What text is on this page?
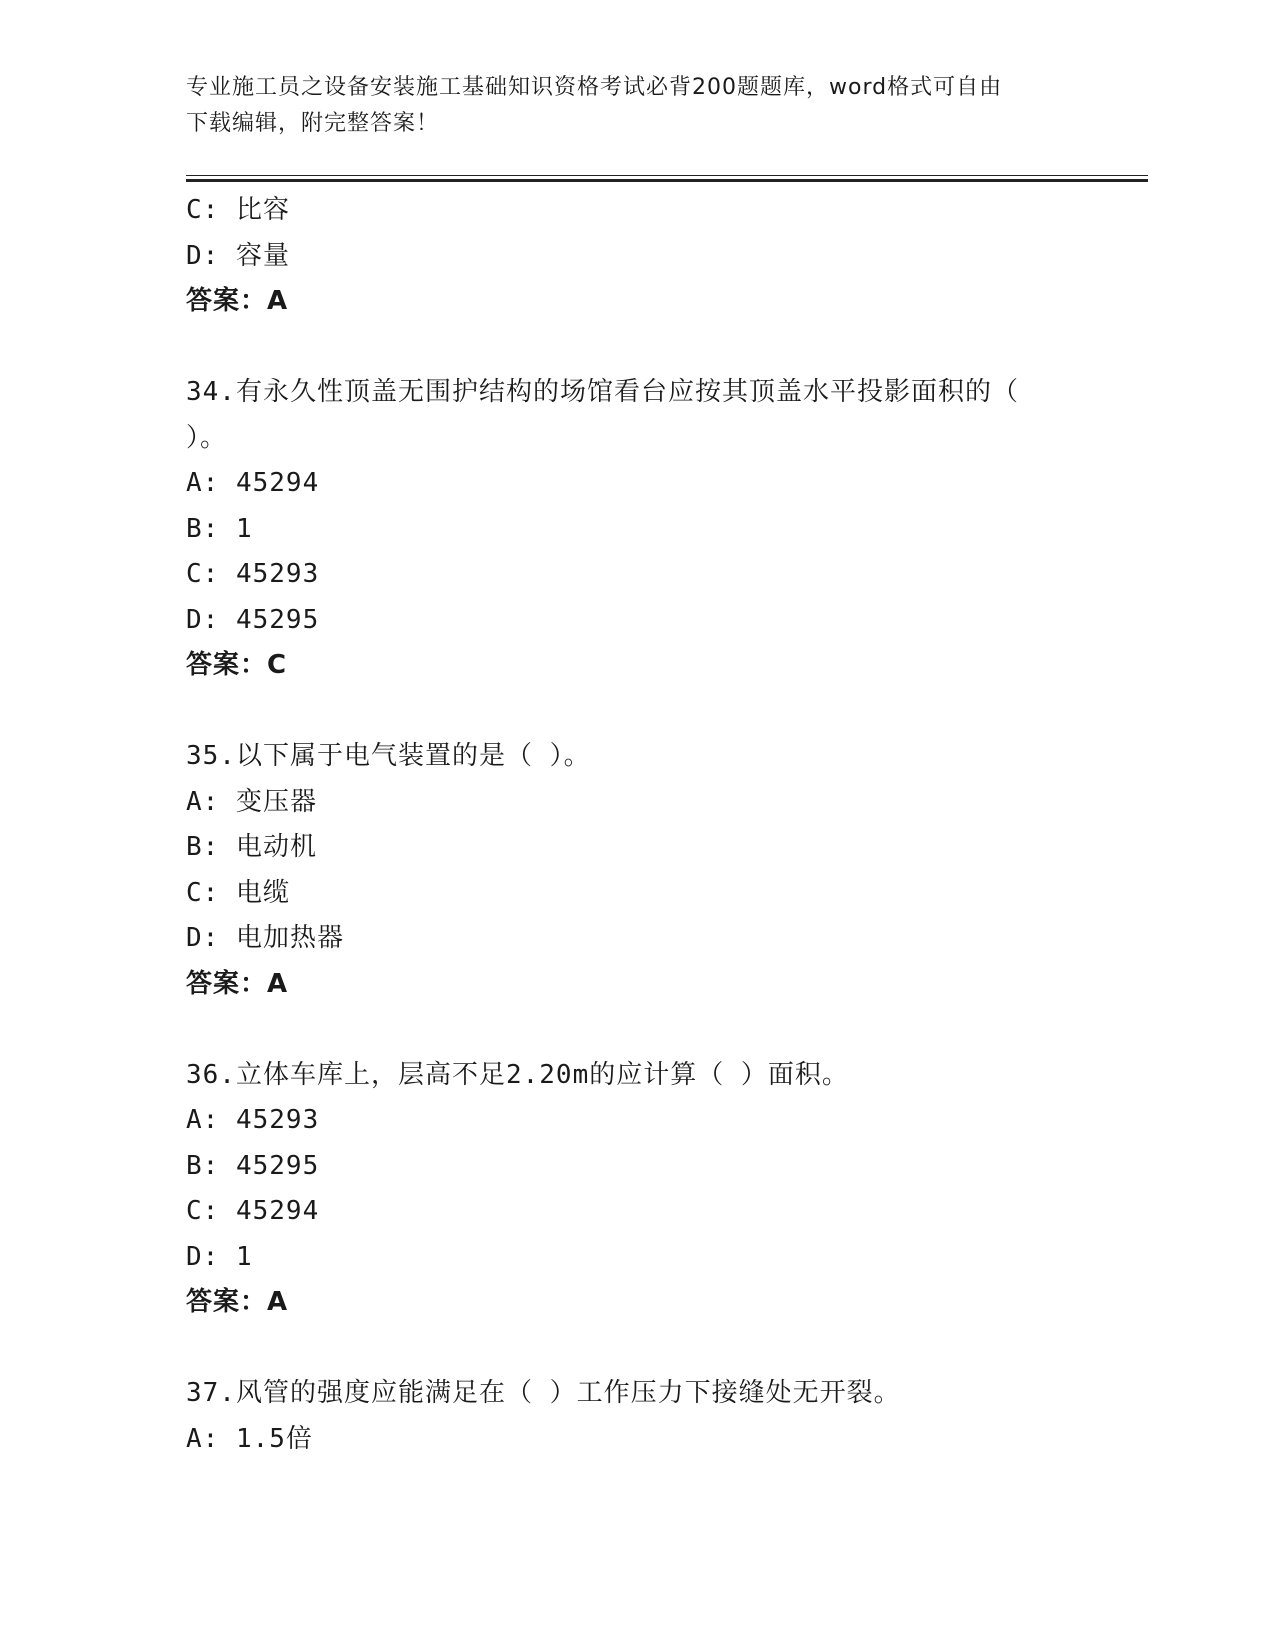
专业施工员之设备安装施工基础知识资格考试必背200题题库，word格式可自由
下载编辑，附完整答案！
C: 比容
D: 容量
答案：A
34.有永久性顶盖无围护结构的场馆看台应按其顶盖水平投影面积的（
）。
A: 45294
B: 1
C: 45293
D: 45295
答案：C
35.以下属于电气装置的是（ ）。
A: 变压器
B: 电动机
C: 电缆
D: 电加热器
答案：A
36.立体车库上，层高不足2.20m的应计算（ ）面积。
A: 45293
B: 45295
C: 45294
D: 1
答案：A
37.风管的强度应能满足在（ ）工作压力下接缝处无开裂。
A: 1.5倍
